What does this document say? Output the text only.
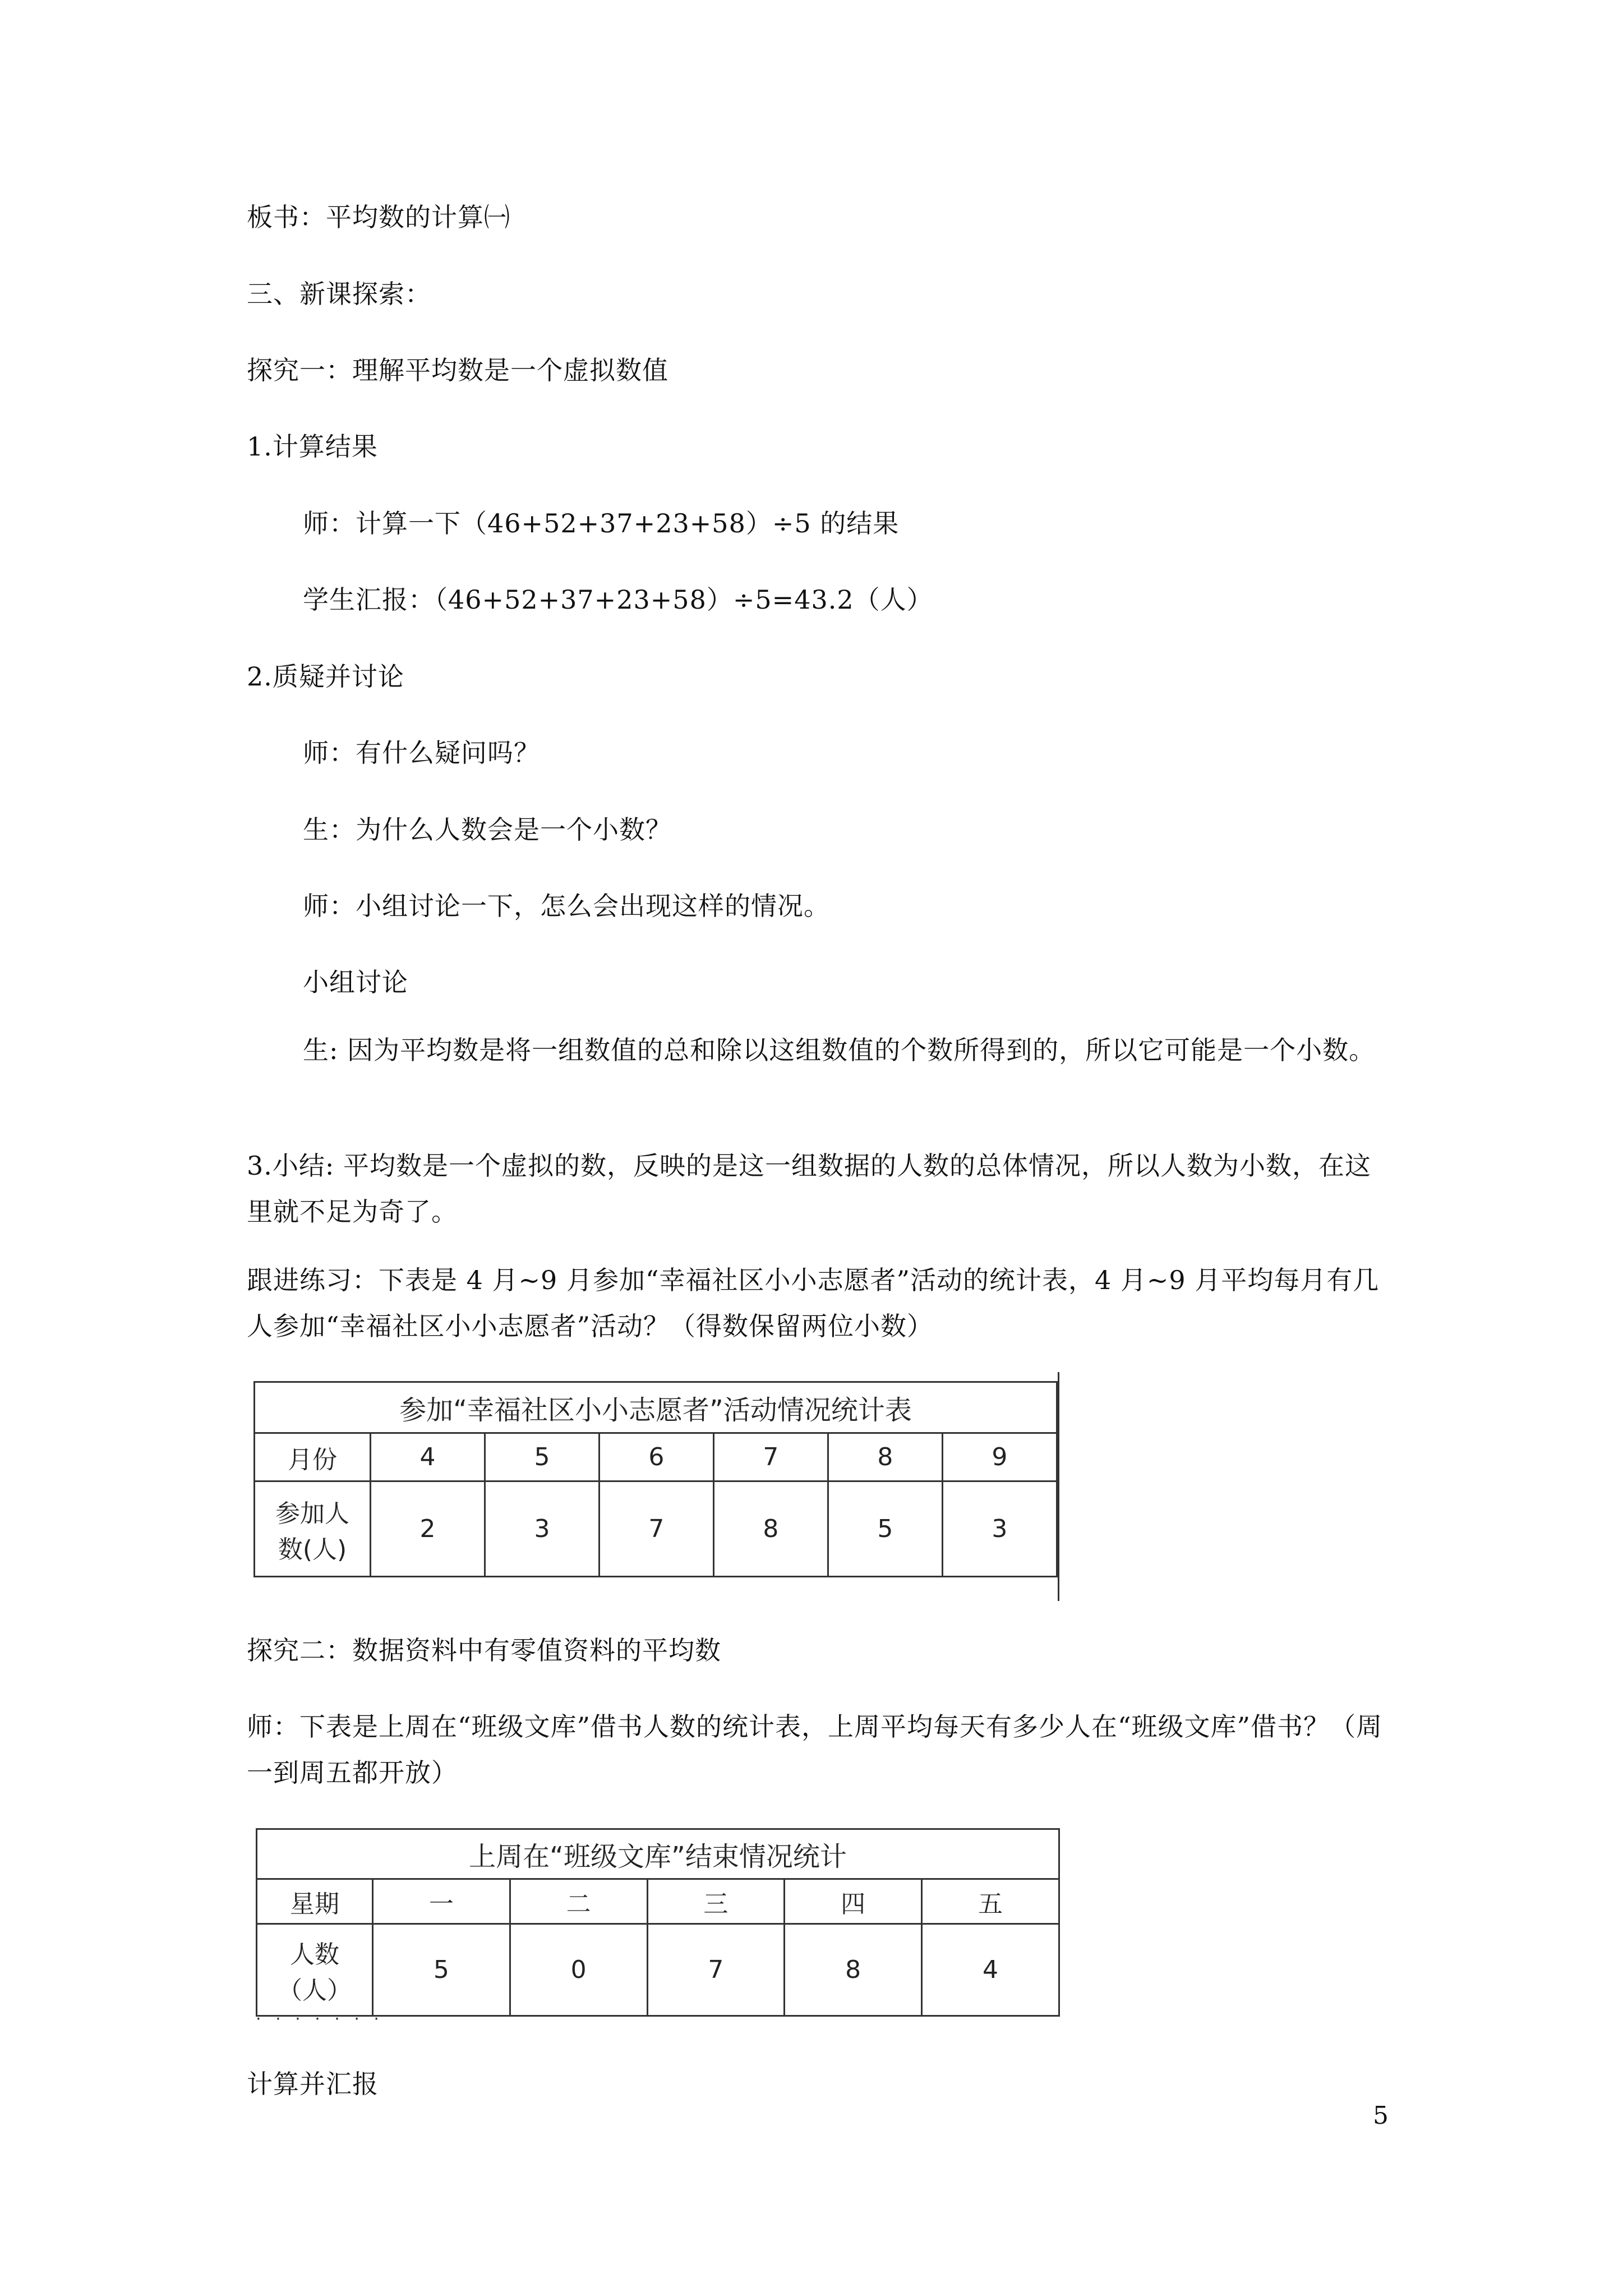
板书：平均数的计算㈠
三、新课探索：
探究一：理解平均数是一个虚拟数值
1.计算结果
师：计算一下（46+52+37+23+58）÷5 的结果
学生汇报：（46+52+37+23+58）÷5=43.2（人）
2.质疑并讨论
师：有什么疑问吗？
生：为什么人数会是一个小数？
师：小组讨论一下，怎么会出现这样的情况。
小组讨论
生: 因为平均数是将一组数值的总和除以这组数值的个数所得到的，所以它可能是一个小数。
3.小结: 平均数是一个虚拟的数，反映的是这一组数据的人数的总体情况，所以人数为小数，在这里就不足为奇了。
跟进练习：下表是 4 月~9 月参加“幸福社区小小志愿者”活动的统计表，4 月~9 月平均每月有几人参加“幸福社区小小志愿者”活动？（得数保留两位小数）
参加“幸福社区小小志愿者”活动情况统计表						
月份	4	5	6	7	8	9

参加人
数(人)	2	3	7	8	5	3
探究二：数据资料中有零值资料的平均数
师：下表是上周在“班级文库”借书人数的统计表，上周平均每天有多少人在“班级文库”借书？（周一到周五都开放）
上周在“班级文库”结束情况统计					
星期	一	二	三	四	五

人数
（人）	5	0	7	8	4
· · · · · · ·
计算并汇报
5
